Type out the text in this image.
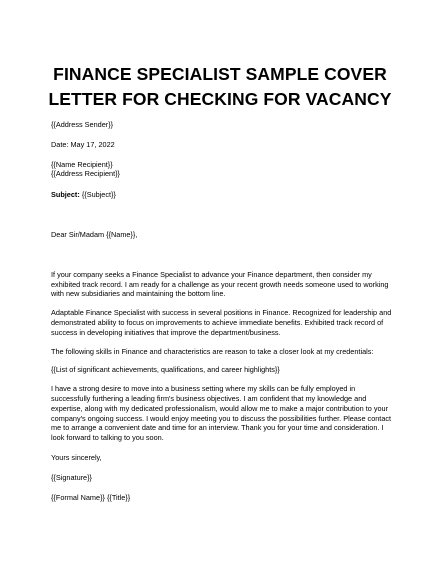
FINANCE SPECIALIST SAMPLE COVER
LETTER FOR CHECKING FOR VACANCY

{{Address Sender}}

Date: May 17, 2022

{{Name Recipient}}

{{Address Recipient}}

Subject: {{Subject}}

Dear Sir/Madam {{Name}},

If your company seeks a Finance Specialist to advance your Finance department, then consider my exhibited track record. I am ready for a challenge as your recent growth needs someone used to working with new subsidiaries and maintaining the bottom line.

Adaptable Finance Specialist with success in several positions in Finance. Recognized for leadership and demonstrated ability to focus on improvements to achieve immediate benefits. Exhibited track record of success in developing initiatives that improve the department/business.

The following skills in Finance and characteristics are reason to take a closer look at my credentials:

{{List of significant achievements, qualifications, and career highlights}}

I have a strong desire to move into a business setting where my skills can be fully employed in successfully furthering a leading firm's business objectives. I am confident that my knowledge and expertise, along with my dedicated professionalism, would allow me to make a major contribution to your company's ongoing success. I would enjoy meeting you to discuss the possibilities further. Please contact me to arrange a convenient date and time for an interview. Thank you for your time and consideration. I look forward to talking to you soon.

Yours sincerely,

{{Signature}}

{{Formal Name}} {{Title}}
